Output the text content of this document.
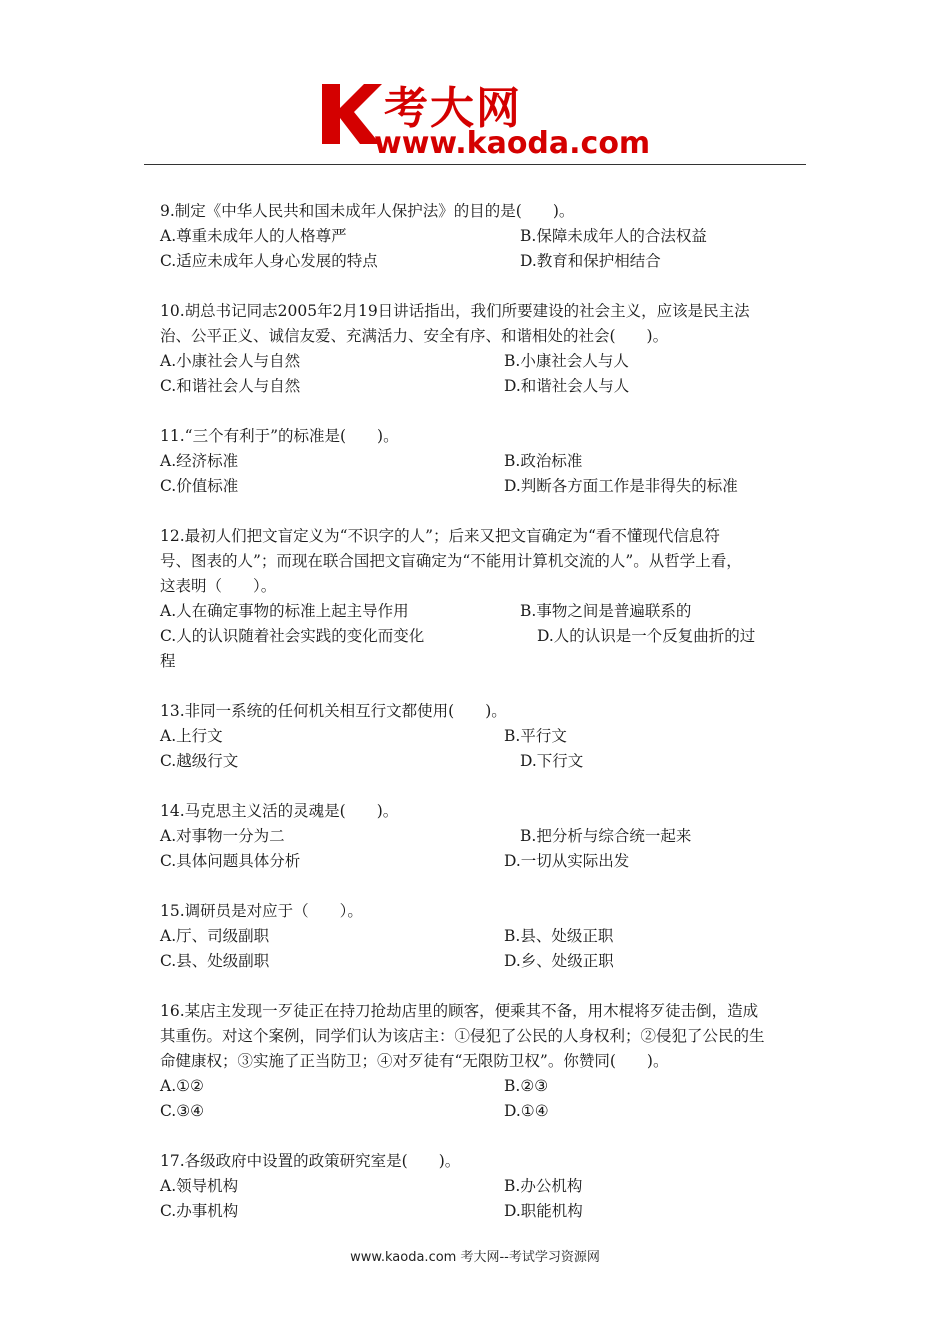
考大网
www.kaoda.com
9.制定《中华人民共和国未成年人保护法》的目的是(　　)。
A.尊重未成年人的人格尊严	B.保障未成年人的合法权益
C.适应未成年人身心发展的特点	D.教育和保护相结合
10.胡总书记同志2005年2月19日讲话指出，我们所要建设的社会主义，应该是民主法
治、公平正义、诚信友爱、充满活力、安全有序、和谐相处的社会(　　)。
A.小康社会人与自然	B.小康社会人与人
C.和谐社会人与自然	D.和谐社会人与人
11.“三个有利于”的标准是(　　)。
A.经济标准	B.政治标准
C.价值标准	D.判断各方面工作是非得失的标准
12.最初人们把文盲定义为“不识字的人”；后来又把文盲确定为“看不懂现代信息符
号、图表的人”；而现在联合国把文盲确定为“不能用计算机交流的人”。从哲学上看，
这表明（　　）。
A.人在确定事物的标准上起主导作用	B.事物之间是普遍联系的
C.人的认识随着社会实践的变化而变化	D.人的认识是一个反复曲折的过
程
13.非同一系统的任何机关相互行文都使用(　　)。
A.上行文	B.平行文
C.越级行文	D.下行文
14.马克思主义活的灵魂是(　　)。
A.对事物一分为二	B.把分析与综合统一起来
C.具体问题具体分析	D.一切从实际出发
15.调研员是对应于（　　）。
A.厅、司级副职	B.县、处级正职
C.县、处级副职	D.乡、处级正职
16.某店主发现一歹徒正在持刀抢劫店里的顾客，便乘其不备，用木棍将歹徒击倒，造成
其重伤。对这个案例，同学们认为该店主：①侵犯了公民的人身权利；②侵犯了公民的生
命健康权；③实施了正当防卫；④对歹徒有“无限防卫权”。你赞同(　　)。
A.①②	B.②③
C.③④	D.①④
17.各级政府中设置的政策研究室是(　　)。
A.领导机构	B.办公机构
C.办事机构	D.职能机构
www.kaoda.com 考大网--考试学习资源网
